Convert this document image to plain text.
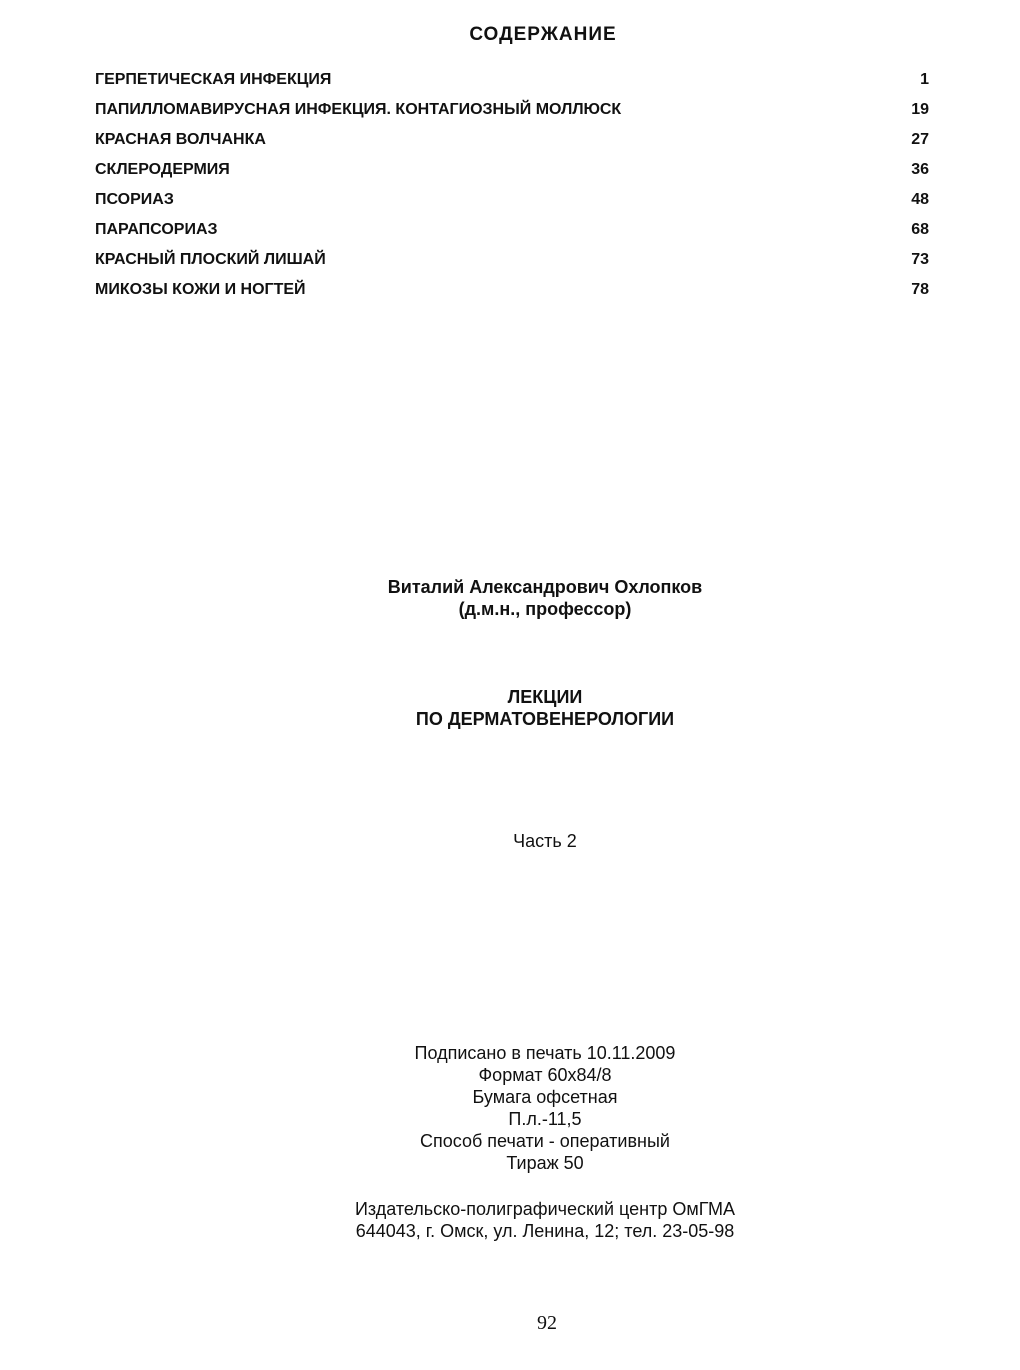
СОДЕРЖАНИЕ
ГЕРПЕТИЧЕСКАЯ ИНФЕКЦИЯ	1
ПАПИЛЛОМАВИРУСНАЯ ИНФЕКЦИЯ. КОНТАГИОЗНЫЙ МОЛЛЮСК	19
КРАСНАЯ ВОЛЧАНКА	27
СКЛЕРОДЕРМИЯ	36
ПСОРИАЗ	48
ПАРАПСОРИАЗ	68
КРАСНЫЙ ПЛОСКИЙ ЛИШАЙ	73
МИКОЗЫ КОЖИ И НОГТЕЙ	78
Виталий Александрович Охлопков
(д.м.н., профессор)
ЛЕКЦИИ
ПО ДЕРМАТОВЕНЕРОЛОГИИ
Часть 2
Подписано в печать 10.11.2009
Формат 60х84/8
Бумага офсетная
П.л.-11,5
Способ печати - оперативный
Тираж 50
Издательско-полиграфический центр ОмГМА
644043, г. Омск, ул. Ленина, 12; тел. 23-05-98
92
